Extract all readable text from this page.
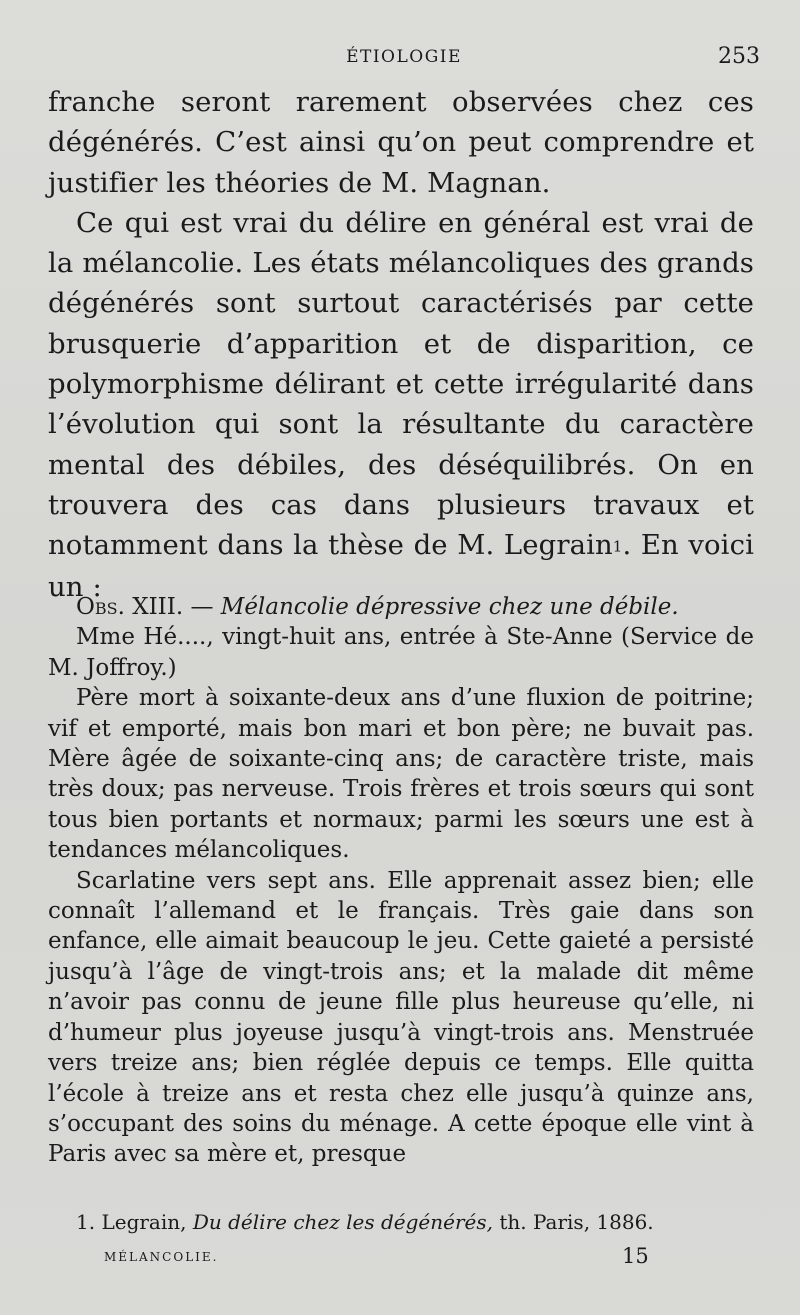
ÉTIOLOGIE	253

franche seront rarement observées chez ces dégénérés. C’est ainsi qu’on peut comprendre et justifier les théories de M. Magnan.

Ce qui est vrai du délire en général est vrai de la mélancolie. Les états mélancoliques des grands dégénérés sont surtout caractérisés par cette brusquerie d’apparition et de disparition, ce polymorphisme délirant et cette irrégularité dans l’évolution qui sont la résultante du caractère mental des débiles, des déséquilibrés. On en trouvera des cas dans plusieurs travaux et notamment dans la thèse de M. Legrain1. En voici un :

Obs. XIII. — Mélancolie dépressive chez une débile.

Mme Hé...., vingt-huit ans, entrée à Ste-Anne (Service de M. Joffroy.)

Père mort à soixante-deux ans d’une fluxion de poitrine; vif et emporté, mais bon mari et bon père; ne buvait pas. Mère âgée de soixante-cinq ans; de caractère triste, mais très doux; pas nerveuse. Trois frères et trois sœurs qui sont tous bien portants et normaux; parmi les sœurs une est à tendances mélancoliques.

Scarlatine vers sept ans. Elle apprenait assez bien; elle connaît l’allemand et le français. Très gaie dans son enfance, elle aimait beaucoup le jeu. Cette gaieté a persisté jusqu’à l’âge de vingt-trois ans; et la malade dit même n’avoir pas connu de jeune fille plus heureuse qu’elle, ni d’humeur plus joyeuse jusqu’à vingt-trois ans. Menstruée vers treize ans; bien réglée depuis ce temps. Elle quitta l’école à treize ans et resta chez elle jusqu’à quinze ans, s’occupant des soins du ménage. A cette époque elle vint à Paris avec sa mère et, presque

1. Legrain, Du délire chez les dégénérés, th. Paris, 1886.
MÉLANCOLIE.	15
